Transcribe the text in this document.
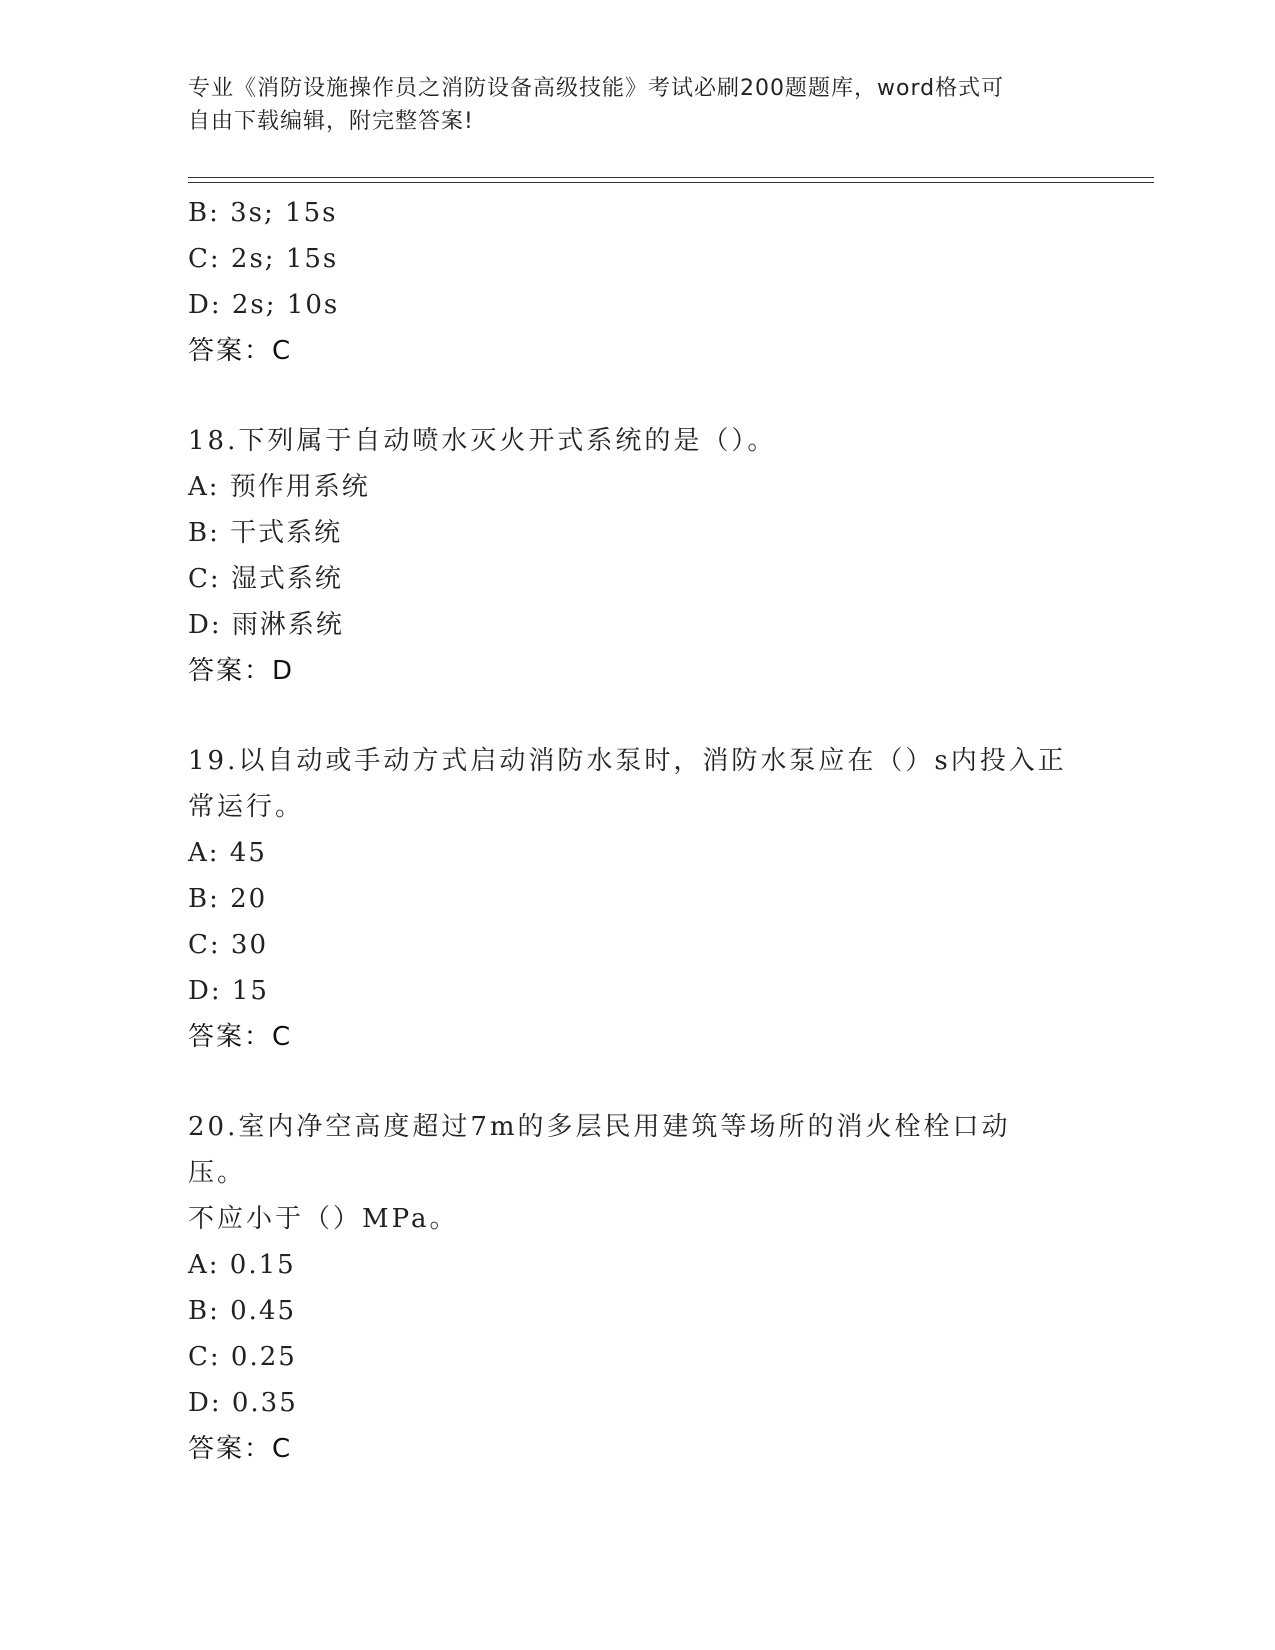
专业《消防设施操作员之消防设备高级技能》考试必刷200题题库，word格式可
自由下载编辑，附完整答案!
B: 3s; 15s
C: 2s; 15s
D: 2s; 10s
答案：C
18.下列属于自动喷水灭火开式系统的是（）。
A: 预作用系统
B: 干式系统
C: 湿式系统
D: 雨淋系统
答案：D
19.以自动或手动方式启动消防水泵时，消防水泵应在（）s内投入正
常运行。
A: 45
B: 20
C: 30
D: 15
答案：C
20.室内净空高度超过7m的多层民用建筑等场所的消火栓栓口动压。
不应小于（）MPa。
A: 0.15
B: 0.45
C: 0.25
D: 0.35
答案：C
